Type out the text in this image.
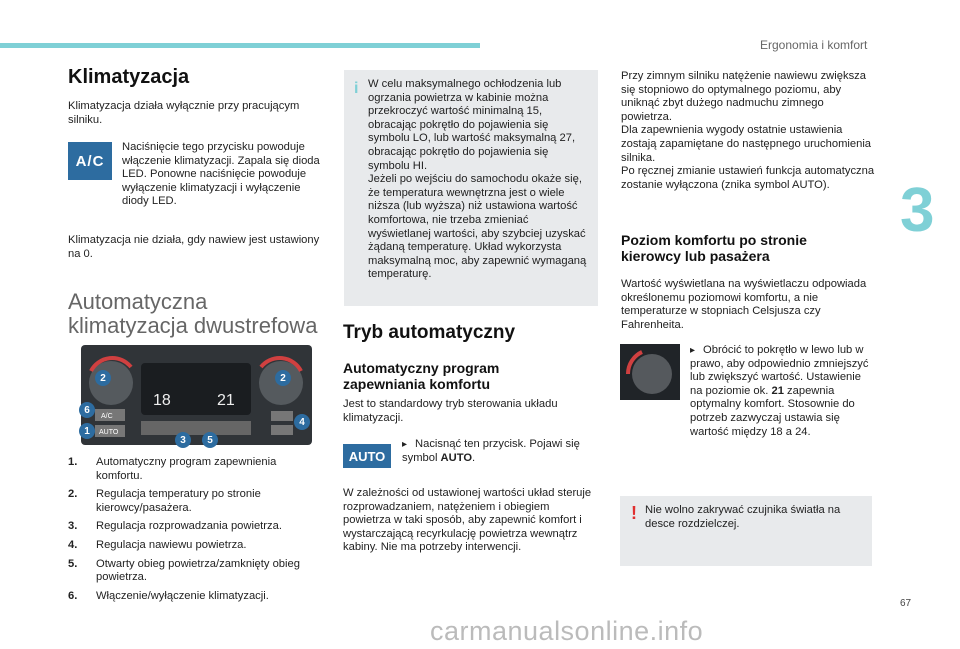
Ergonomia i komfort
3
67
Klimatyzacja

Klimatyzacja działa wyłącznie przy pracującym silniku.

A/C

Naciśnięcie tego przycisku powoduje włączenie klimatyzacji. Zapala się dioda LED. Ponowne naciśnięcie powoduje wyłączenie klimatyzacji i wyłączenie diody LED.

Klimatyzacja nie działa, gdy nawiew jest ustawiony na 0.

Automatyczna
klimatyzacja dwustrefowa
18	21
A/C
AUTO
2	2
6
1
3	5
4
1.	Automatyczny program zapewnienia komfortu.
2.	Regulacja temperatury po stronie kierowcy/pasażera.
3.	Regulacja rozprowadzania powietrza.
4.	Regulacja nawiewu powietrza.
5.	Otwarty obieg powietrza/zamknięty obieg powietrza.
6.	Włączenie/wyłączenie klimatyzacji.
i W celu maksymalnego ochłodzenia lub ogrzania powietrza w kabinie można przekroczyć wartość minimalną 15, obracając pokrętło do pojawienia się symbolu LO, lub wartość maksymalną 27, obracając pokrętło do pojawienia się symbolu HI.
Jeżeli po wejściu do samochodu okaże się, że temperatura wewnętrzna jest o wiele niższa (lub wyższa) niż ustawiona wartość komfortowa, nie trzeba zmieniać wyświetlanej wartości, aby szybciej uzyskać żądaną temperaturę. Układ wykorzysta maksymalną moc, aby zapewnić wymaganą temperaturę.

Tryb automatyczny
Automatyczny program zapewniania komfortu

Jest to standardowy tryb sterowania układu klimatyzacji.

AUTO

▸ Nacisnąć ten przycisk. Pojawi się symbol AUTO.

W zależności od ustawionej wartości układ steruje rozprowadzaniem, natężeniem i obiegiem powietrza w taki sposób, aby zapewnić komfort i wystarczającą recyrkulację powietrza wewnątrz kabiny. Nie ma potrzeby interwencji.

Przy zimnym silniku natężenie nawiewu zwiększa się stopniowo do optymalnego poziomu, aby uniknąć zbyt dużego nadmuchu zimnego powietrza.
Dla zapewnienia wygody ostatnie ustawienia zostają zapamiętane do następnego uruchomienia silnika.
Po ręcznej zmianie ustawień funkcja automatyczna zostanie wyłączona (znika symbol AUTO).

Poziom komfortu po stronie kierowcy lub pasażera

Wartość wyświetlana na wyświetlaczu odpowiada określonemu poziomowi komfortu, a nie temperaturze w stopniach Celsjusza czy Fahrenheita.

▸ Obrócić to pokrętło w lewo lub w prawo, aby odpowiednio zmniejszyć lub zwiększyć wartość. Ustawienie na poziomie ok. 21 zapewnia optymalny komfort. Stosownie do potrzeb zazwyczaj ustawia się wartość między 18 a 24.

! Nie wolno zakrywać czujnika światła na desce rozdzielczej.

carmanualsonline.info
